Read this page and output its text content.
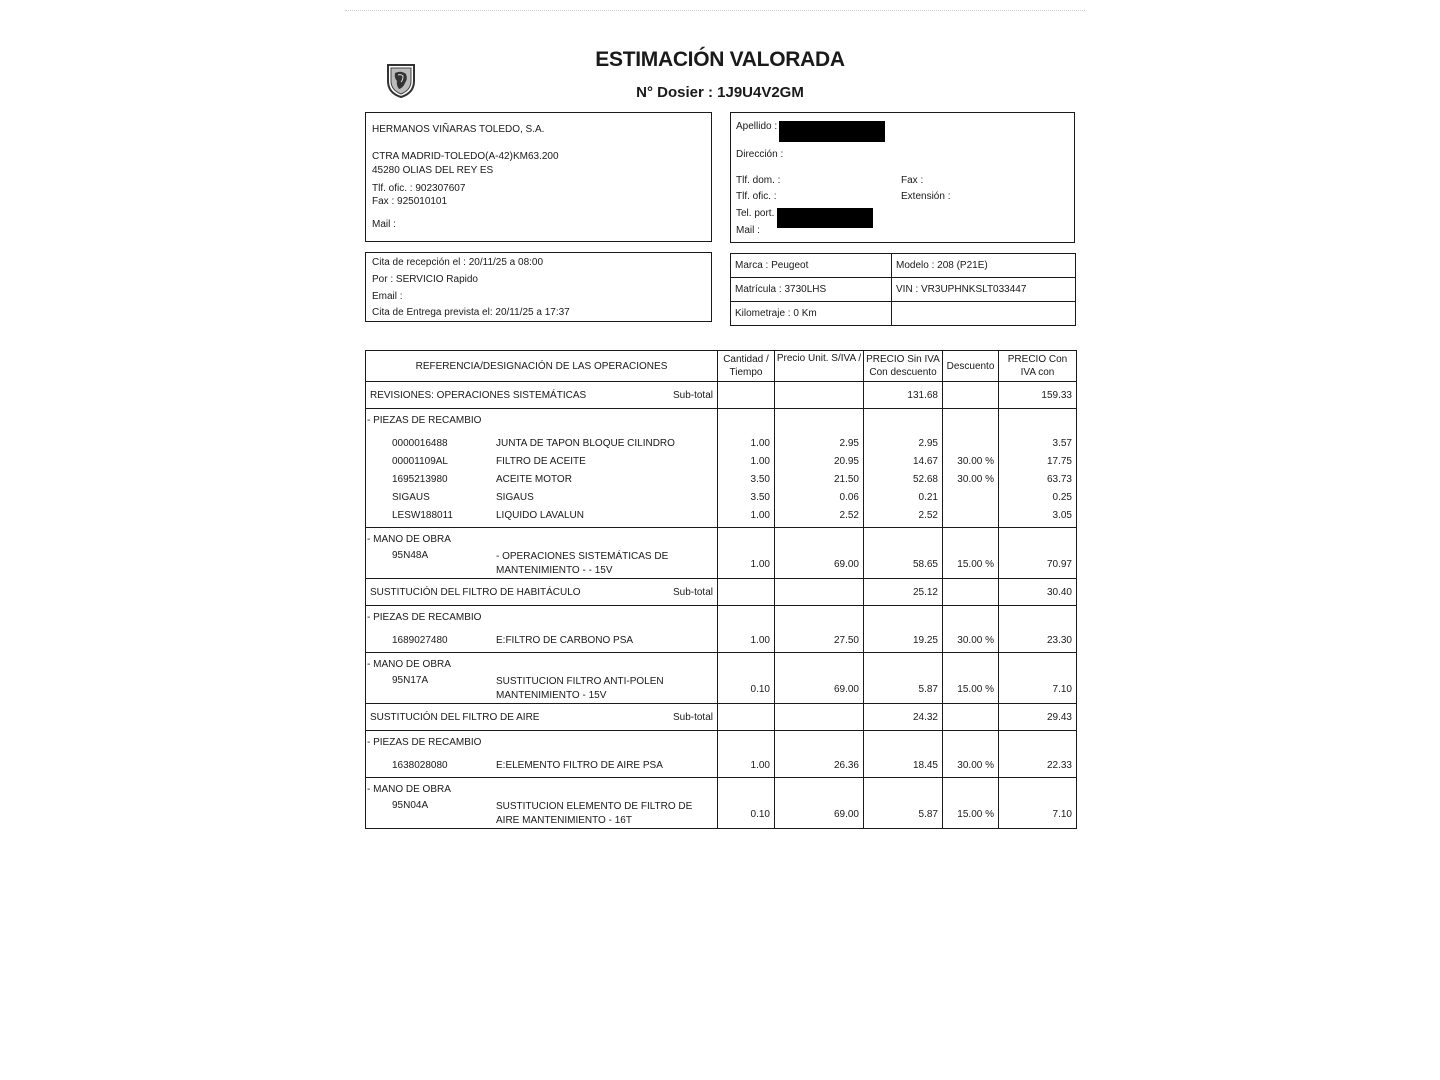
ESTIMACIÓN VALORADA
N° Dosier : 1J9U4V2GM
HERMANOS VIÑARAS TOLEDO, S.A.
CTRA MADRID-TOLEDO(A-42)KM63.200
45280 OLIAS DEL REY ES
Tlf. ofic. : 902307607
Fax : 925010101
Mail :
Apellido :
Dirección :
Tlf. dom. :	Fax :
Tlf. ofic. :	Extensión :
Tel. port.
Mail :
Cita de recepción el : 20/11/25 a 08:00
Por : SERVICIO Rapido
Email :
Cita de Entrega prevista el: 20/11/25 a 17:37
Marca : Peugeot	Modelo : 208 (P21E)
Matrícula : 3730LHS	VIN : VR3UPHNKSLT033447
Kilometraje : 0 Km	
REFERENCIA/DESIGNACIÓN DE LAS OPERACIONES	Cantidad / Tiempo	Precio Unit. S/IVA /	PRECIO Sin IVA Con descuento	Descuento	PRECIO Con IVA con

REVISIONES: OPERACIONES SISTEMÁTICAS Sub-total			131.68		159.33
- PIEZAS DE RECAMBIO					

0000016488 JUNTA DE TAPON BLOQUE CILINDRO	1.00	2.95	2.95		3.57

00001109AL FILTRO DE ACEITE	1.00	20.95	14.67	30.00 %	17.75

1695213980 ACEITE MOTOR	3.50	21.50	52.68	30.00 %	63.73

SIGAUS SIGAUS	3.50	0.06	0.21		0.25

LESW188011 LIQUIDO LAVALUN	1.00	2.52	2.52		3.05

- MANO DE OBRA					

95N48A - OPERACIONES SISTEMÁTICAS DE MANTENIMIENTO - - 15V	1.00	69.00	58.65	15.00 %	70.97

SUSTITUCIÓN DEL FILTRO DE HABITÁCULO Sub-total			25.12		30.40
- PIEZAS DE RECAMBIO					

1689027480 E:FILTRO DE CARBONO PSA	1.00	27.50	19.25	30.00 %	23.30

- MANO DE OBRA					

95N17A SUSTITUCION FILTRO ANTI-POLEN MANTENIMIENTO - 15V	0.10	69.00	5.87	15.00 %	7.10

SUSTITUCIÓN DEL FILTRO DE AIRE Sub-total			24.32		29.43
- PIEZAS DE RECAMBIO					

1638028080 E:ELEMENTO FILTRO DE AIRE PSA	1.00	26.36	18.45	30.00 %	22.33

- MANO DE OBRA					

95N04A SUSTITUCION ELEMENTO DE FILTRO DE AIRE MANTENIMIENTO - 16T	0.10	69.00	5.87	15.00 %	7.10
